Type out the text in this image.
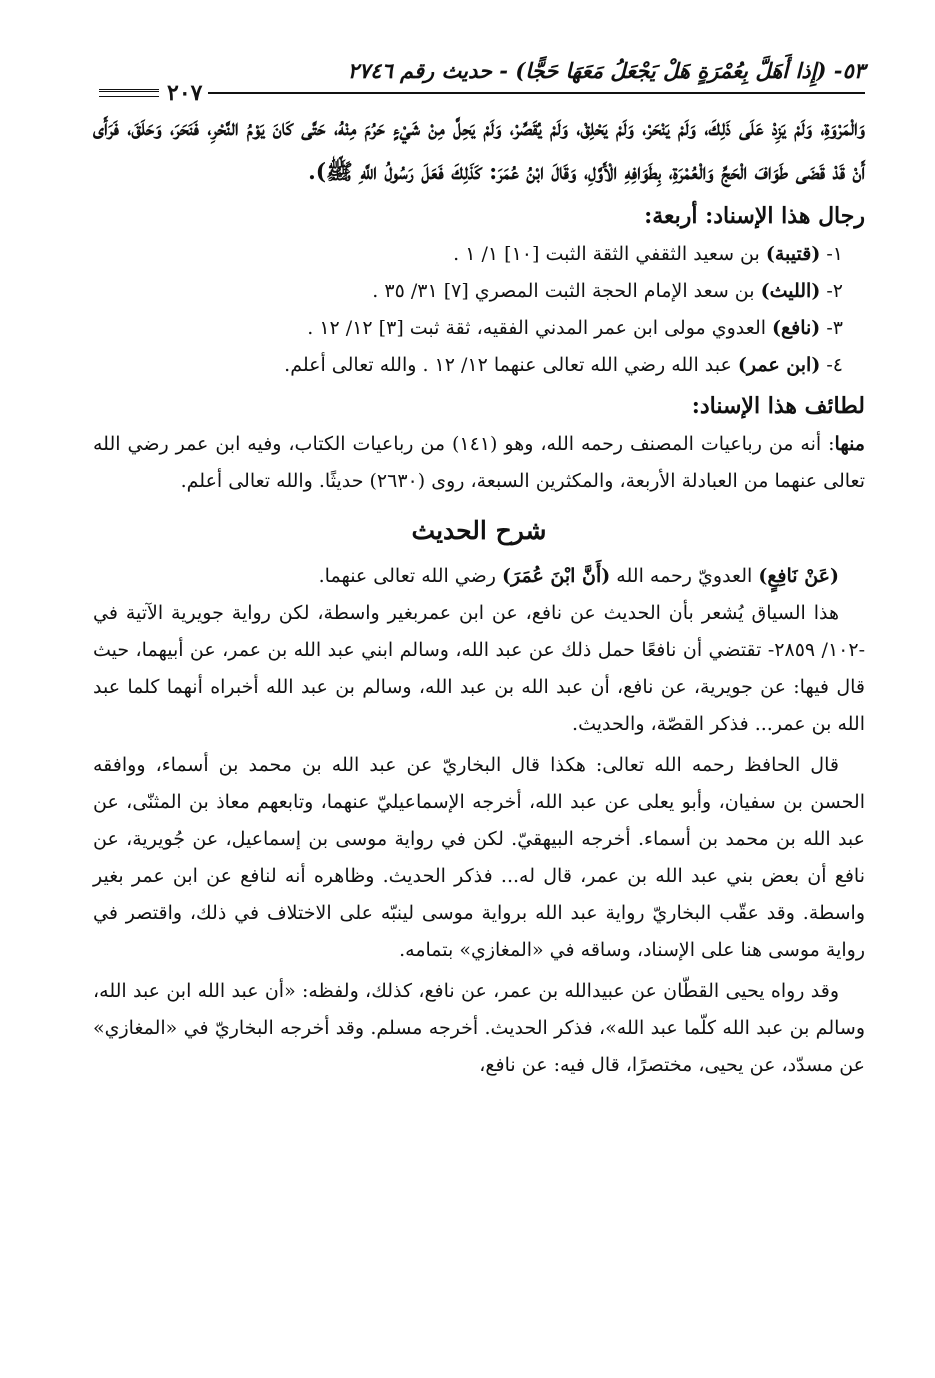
٥٣- (إِذا أَهَلَّ بِعُمْرَةٍ هَلْ يَجْعَلُ مَعَهَا حَجًّا) - حديث رقم ٢٧٤٦
٢٠٧

وَالْمَرْوَةِ، وَلَمْ يَزِدْ عَلَى ذَلِكَ، وَلَمْ يَنْحَرْ، وَلَمْ يَحْلِقْ، وَلَمْ يُقَصِّرْ، وَلَمْ يَحِلَّ مِنْ شَيْءٍ حَرُمَ مِنْهُ، حَتَّى كَانَ يَوْمُ النَّحْرِ، فَنَحَرَ، وَحَلَقَ، فَرَأَى أَنْ قَدْ قَضَى طَوَافَ الْحَجِّ وَالْعُمْرَةِ، بِطَوَافِهِ الْأَوَّلِ، وَقَالَ ابْنُ عُمَرَ: كَذَلِكَ فَعَلَ رَسُولُ اللَّهِ ﷺ).

رجال هذا الإسناد: أربعة:
١- (قتيبة) بن سعيد الثقفي الثقة الثبت [١٠] ١/ ١ .
٢- (الليث) بن سعد الإمام الحجة الثبت المصري [٧] ٣١/ ٣٥ .
٣- (نافع) العدوي مولى ابن عمر المدني الفقيه، ثقة ثبت [٣] ١٢/ ١٢ .
٤- (ابن عمر) عبد الله رضي الله تعالى عنهما ١٢/ ١٢ . والله تعالى أعلم.
لطائف هذا الإسناد:

منها: أنه من رباعيات المصنف رحمه الله، وهو (١٤١) من رباعيات الكتاب، وفيه ابن عمر رضي الله تعالى عنهما من العبادلة الأربعة، والمكثرين السبعة، روى (٢٦٣٠) حديثًا. والله تعالى أعلم.

شرح الحديث

(عَنْ نَافِعٍ) العدويّ رحمه الله (أَنَّ ابْنَ عُمَرَ) رضي الله تعالى عنهما.

هذا السياق يُشعر بأن الحديث عن نافع، عن ابن عمربغير واسطة، لكن رواية جويرية الآتية في -١٠٢/ ٢٨٥٩- تقتضي أن نافعًا حمل ذلك عن عبد الله، وسالم ابني عبد الله بن عمر، عن أبيهما، حيث قال فيها: عن جويرية، عن نافع، أن عبد الله بن عبد الله، وسالم بن عبد الله أخبراه أنهما كلما عبد الله بن عمر... فذكر القصّة، والحديث.

قال الحافظ رحمه الله تعالى: هكذا قال البخاريّ عن عبد الله بن محمد بن أسماء، ووافقه الحسن بن سفيان، وأبو يعلى عن عبد الله، أخرجه الإسماعيليّ عنهما، وتابعهم معاذ بن المثنّى، عن عبد الله بن محمد بن أسماء. أخرجه البيهقيّ. لكن في رواية موسى بن إسماعيل، عن جُويرية، عن نافع أن بعض بني عبد الله بن عمر، قال له... فذكر الحديث. وظاهره أنه لنافع عن ابن عمر بغير واسطة. وقد عقّب البخاريّ رواية عبد الله برواية موسى لينبّه على الاختلاف في ذلك، واقتصر في رواية موسى هنا على الإسناد، وساقه في «المغازي» بتمامه.

وقد رواه يحيى القطّان عن عبيدالله بن عمر، عن نافع، كذلك، ولفظه: «أن عبد الله ابن عبد الله، وسالم بن عبد الله كلّما عبد الله»، فذكر الحديث. أخرجه مسلم. وقد أخرجه البخاريّ في «المغازي» عن مسدّد، عن يحيى، مختصرًا، قال فيه: عن نافع،
